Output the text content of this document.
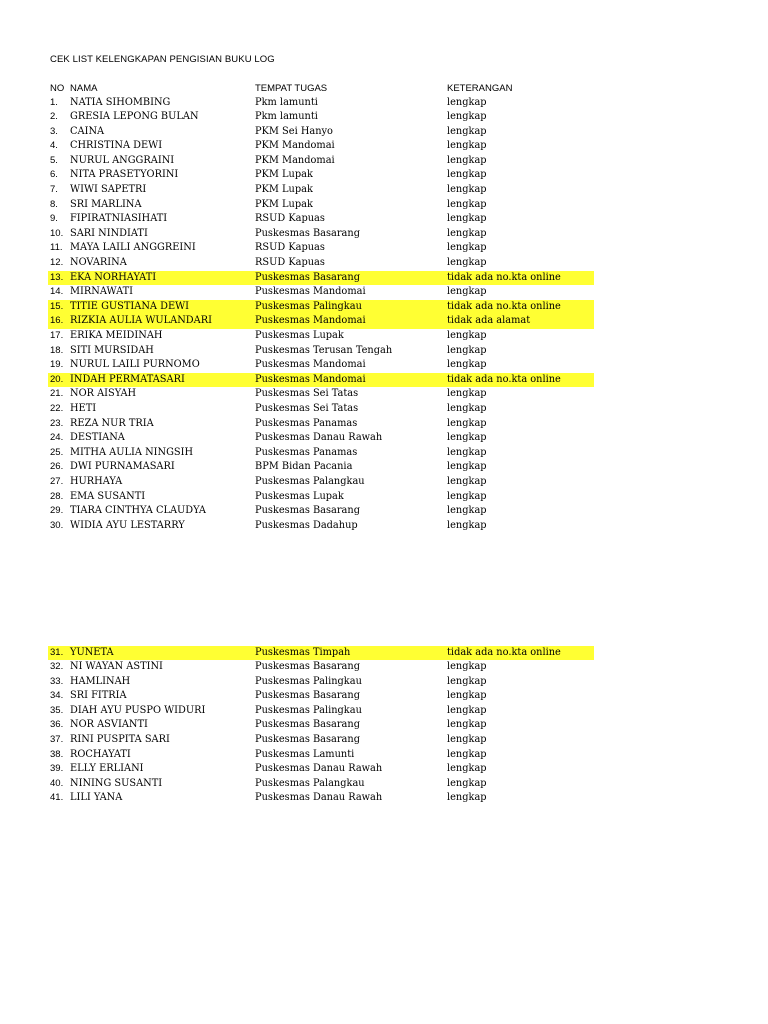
CEK LIST KELENGKAPAN PENGISIAN BUKU LOG
NO NAMA	TEMPAT TUGAS	KETERANGAN
1. NATIA SIHOMBING	Pkm lamunti	lengkap
2. GRESIA LEPONG BULAN	Pkm lamunti	lengkap
3. CAINA	PKM Sei Hanyo	lengkap
4. CHRISTINA DEWI	PKM Mandomai	lengkap
5. NURUL ANGGRAINI	PKM Mandomai	lengkap
6. NITA PRASETYORINI	PKM Lupak	lengkap
7. WIWI SAPETRI	PKM Lupak	lengkap
8. SRI MARLINA	PKM Lupak	lengkap
9. FIPIRATNIASIHATI	RSUD Kapuas	lengkap
10. SARI NINDIATI	Puskesmas Basarang	lengkap
11. MAYA LAILI ANGGREINI	RSUD Kapuas	lengkap
12. NOVARINA	RSUD Kapuas	lengkap
13. EKA NORHAYATI	Puskesmas Basarang	tidak ada no.kta online
14. MIRNAWATI	Puskesmas Mandomai	lengkap
15. TITIE GUSTIANA DEWI	Puskesmas Palingkau	tidak ada no.kta online
16. RIZKIA AULIA WULANDARI	Puskesmas Mandomai	tidak ada alamat
17. ERIKA MEIDINAH	Puskesmas Lupak	lengkap
18. SITI MURSIDAH	Puskesmas Terusan Tengah	lengkap
19. NURUL LAILI PURNOMO	Puskesmas Mandomai	lengkap
20. INDAH PERMATASARI	Puskesmas Mandomai	tidak ada no.kta online
21. NOR AISYAH	Puskesmas Sei Tatas	lengkap
22. HETI	Puskesmas Sei Tatas	lengkap
23. REZA NUR TRIA	Puskesmas Panamas	lengkap
24. DESTIANA	Puskesmas Danau Rawah	lengkap
25. MITHA AULIA NINGSIH	Puskesmas Panamas	lengkap
26. DWI PURNAMASARI	BPM Bidan Pacania	lengkap
27. HURHAYA	Puskesmas Palangkau	lengkap
28. EMA SUSANTI	Puskesmas Lupak	lengkap
29. TIARA CINTHYA CLAUDYA	Puskesmas Basarang	lengkap
30. WIDIA AYU LESTARRY	Puskesmas Dadahup	lengkap
31. YUNETA	Puskesmas Timpah	tidak ada no.kta online
32. NI WAYAN ASTINI	Puskesmas Basarang	lengkap
33. HAMLINAH	Puskesmas Palingkau	lengkap
34. SRI FITRIA	Puskesmas Basarang	lengkap
35. DIAH AYU PUSPO WIDURI	Puskesmas Palingkau	lengkap
36. NOR ASVIANTI	Puskesmas Basarang	lengkap
37. RINI PUSPITA SARI	Puskesmas Basarang	lengkap
38. ROCHAYATI	Puskesmas Lamunti	lengkap
39. ELLY ERLIANI	Puskesmas Danau Rawah	lengkap
40. NINING SUSANTI	Puskesmas Palangkau	lengkap
41. LILI YANA	Puskesmas Danau Rawah	lengkap
